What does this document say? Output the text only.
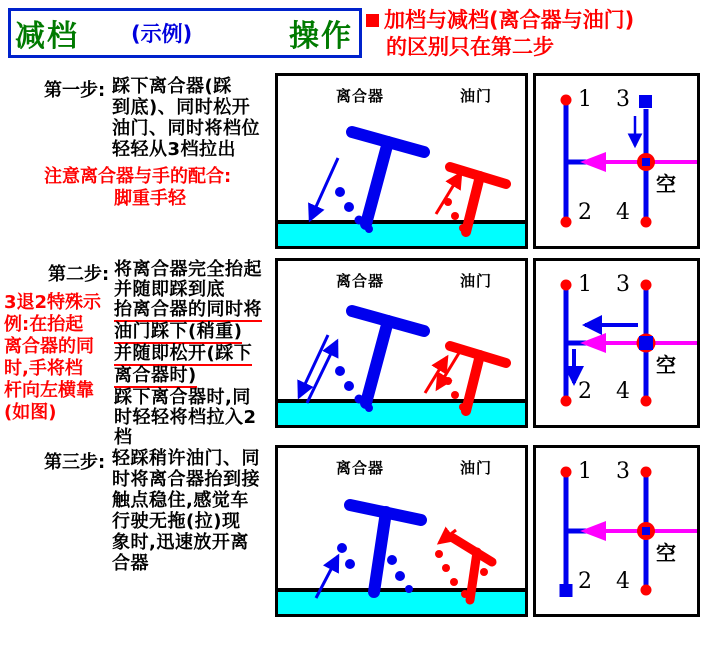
减档 (示例)	操作	加档与减档(离合器与油门)
的区别只在第二步
第一步: 踩下离合器(踩
到底)、同时松开
油门、同时将档位
轻轻从3档拉出
注意离合器与手的配合:
脚重手轻
离合器	油门	1
2
3
4
空
第二步: 将离合器完全抬起
并随即踩到底
抬离合器的同时将
油门踩下(稍重)
并随即松开(踩下
离合器时)
踩下离合器时,同
时轻轻将档拉入2
档
3退2特殊示
例:在抬起
离合器的同
时,手将档
杆向左横靠
(如图)
离合器	油门	1
2
3
4
空
第三步: 轻踩稍许油门、同
时将离合器抬到接
触点稳住,感觉车
行驶无拖(拉)现
象时,迅速放开离
合器
离合器	油门	1
2
3
4
空
